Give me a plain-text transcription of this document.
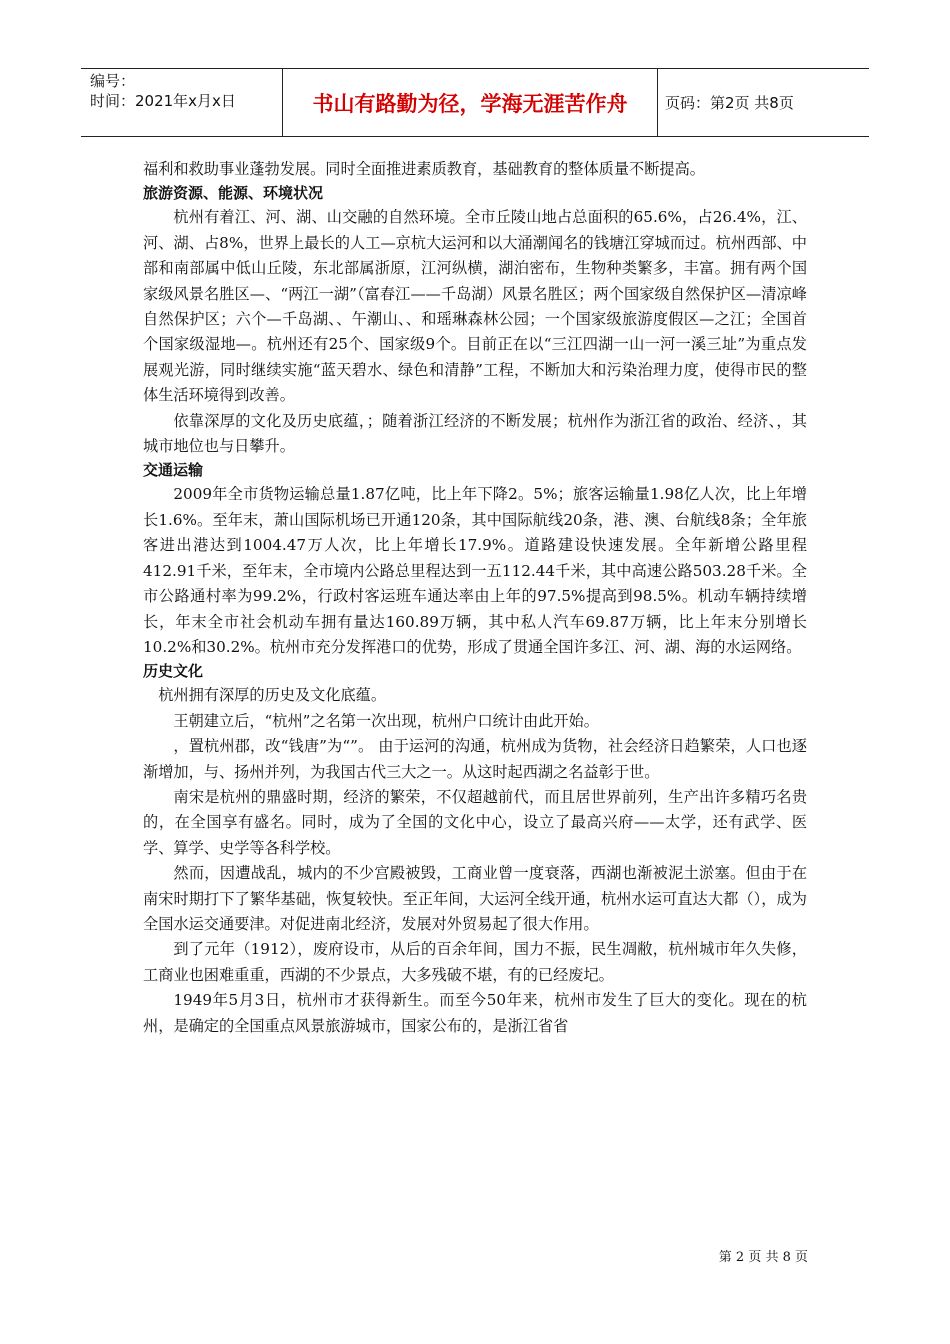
编号：
时间：2021年x月x日	书山有路勤为径，学海无涯苦作舟	页码：第2页 共8页

福利和救助事业蓬勃发展。同时全面推进素质教育，基础教育的整体质量不断提高。

旅游资源、能源、环境状况

杭州有着江、河、湖、山交融的自然环境。全市丘陵山地占总面积的65.6%，占26.4%，江、河、湖、占8%，世界上最长的人工—京杭大运河和以大涌潮闻名的钱塘江穿城而过。杭州西部、中部和南部属中低山丘陵，东北部属浙原，江河纵横，湖泊密布，生物种类繁多，丰富。拥有两个国家级风景名胜区—、“两江一湖”（富春江——千岛湖）风景名胜区；两个国家级自然保护区—清凉峰自然保护区；六个—千岛湖、、午潮山、、和瑶琳森林公园；一个国家级旅游度假区—之江；全国首个国家级湿地—。杭州还有25个、国家级9个。目前正在以“三江四湖一山一河一溪三址”为重点发展观光游，同时继续实施“蓝天碧水、绿色和清静”工程，不断加大和污染治理力度，使得市民的整体生活环境得到改善。

依靠深厚的文化及历史底蕴，；随着浙江经济的不断发展；杭州作为浙江省的政治、经济、，其城市地位也与日攀升。

交通运输

2009年全市货物运输总量1.87亿吨，比上年下降2。5%；旅客运输量1.98亿人次，比上年增长1.6%。至年末，萧山国际机场已开通120条，其中国际航线20条，港、澳、台航线8条；全年旅客进出港达到1004.47万人次，比上年增长17.9%。道路建设快速发展。全年新增公路里程412.91千米，至年末，全市境内公路总里程达到一五112.44千米，其中高速公路503.28千米。全市公路通村率为99.2%，行政村客运班车通达率由上年的97.5%提高到98.5%。机动车辆持续增长，年末全市社会机动车拥有量达160.89万辆，其中私人汽车69.87万辆，比上年末分别增长10.2%和30.2%。杭州市充分发挥港口的优势，形成了贯通全国许多江、河、湖、海的水运网络。

历史文化

杭州拥有深厚的历史及文化底蕴。

王朝建立后，“杭州”之名第一次出现，杭州户口统计由此开始。

，置杭州郡，改“钱唐”为“”。 由于运河的沟通，杭州成为货物，社会经济日趋繁荣，人口也逐渐增加，与、扬州并列，为我国古代三大之一。从这时起西湖之名益彰于世。

南宋是杭州的鼎盛时期，经济的繁荣，不仅超越前代，而且居世界前列，生产出许多精巧名贵的，在全国享有盛名。同时，成为了全国的文化中心，设立了最高兴府——太学，还有武学、医学、算学、史学等各科学校。

然而，因遭战乱，城内的不少宫殿被毁，工商业曾一度衰落，西湖也渐被泥土淤塞。但由于在南宋时期打下了繁华基础，恢复较快。至正年间，大运河全线开通，杭州水运可直达大都（），成为全国水运交通要津。对促进南北经济，发展对外贸易起了很大作用。

到了元年（1912），废府设市，从后的百余年间，国力不振，民生凋敝，杭州城市年久失修，工商业也困难重重，西湖的不少景点，大多残破不堪，有的已经废圮。

1949年5月3日，杭州市才获得新生。而至今50年来，杭州市发生了巨大的变化。现在的杭州，是确定的全国重点风景旅游城市，国家公布的，是浙江省省

第 2 页 共 8 页
